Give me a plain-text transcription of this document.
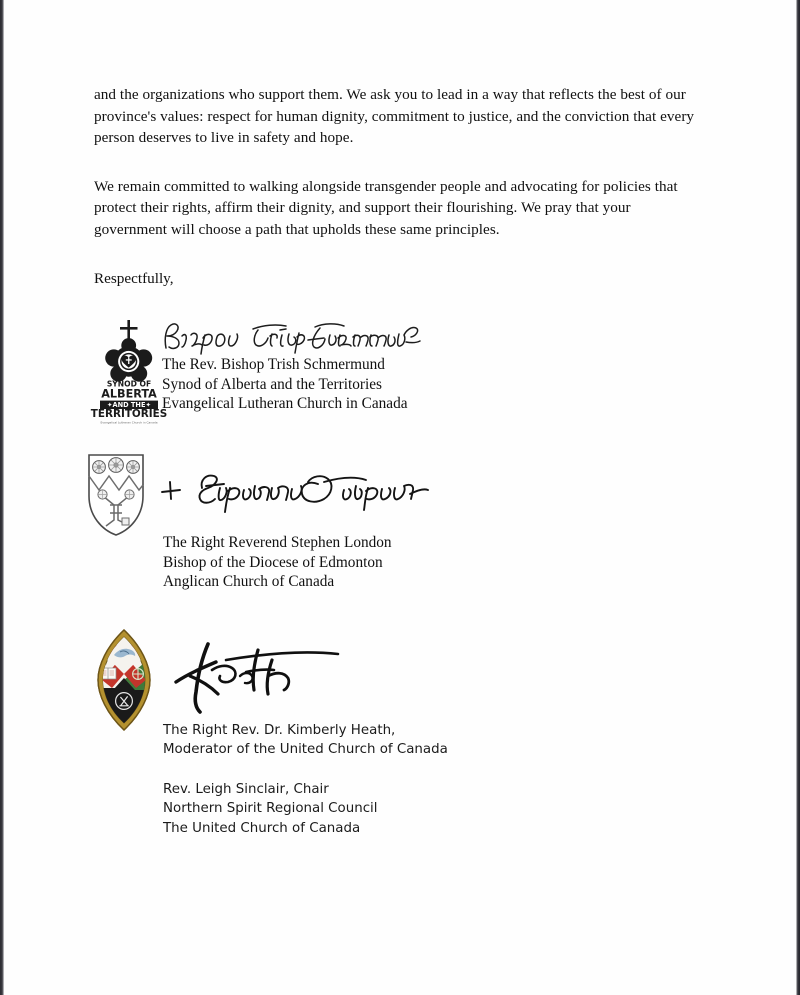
and the organizations who support them. We ask you to lead in a way that reflects the best of our province's values: respect for human dignity, commitment to justice, and the conviction that every person deserves to live in safety and hope.

We remain committed to walking alongside transgender people and advocating for policies that protect their rights, affirm their dignity, and support their flourishing. We pray that your government will choose a path that upholds these same principles.

Respectfully,

SYNOD OF
ALBERTA
✦AND THE✦
TERRITORIES
Evangelical Lutheran Church in Canada
The Rev. Bishop Trish Schmermund
Synod of Alberta and the Territories
Evangelical Lutheran Church in Canada
The Right Reverend Stephen London
Bishop of the Diocese of Edmonton
Anglican Church of Canada
The Right Rev. Dr. Kimberly Heath,
Moderator of the United Church of Canada
Rev. Leigh Sinclair, Chair
Northern Spirit Regional Council
The United Church of Canada
